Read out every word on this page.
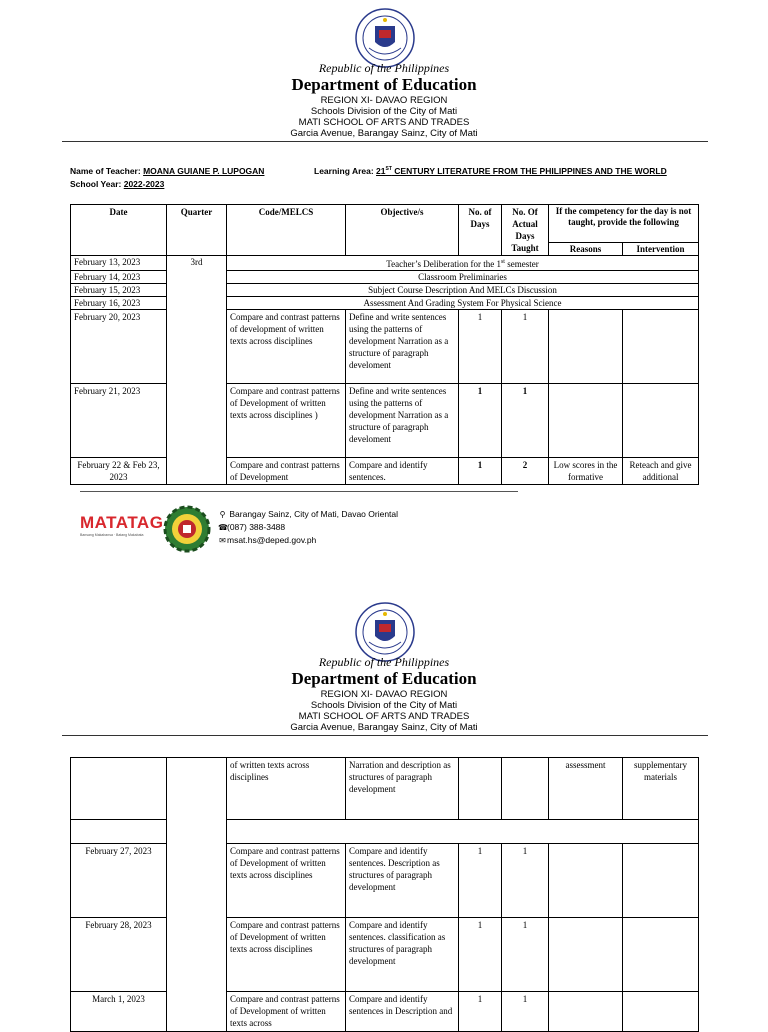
Republic of the Philippines
Department of Education
REGION XI- DAVAO REGION
Schools Division of the City of Mati
MATI SCHOOL OF ARTS AND TRADES
Garcia Avenue, Barangay Sainz, City of Mati
Name of Teacher: MOANA GUIANE P. LUPOGAN	Learning Area: 21ST CENTURY LITERATURE FROM THE PHILIPPINES AND THE WORLD
School Year: 2022-2023
Date	Quarter	Code/MELCS	Objective/s	No. of Days	No. Of Actual Days Taught	If the competency for the day is not taught, provide the following	
						Reasons	Intervention
February 13, 2023	3rd	Teacher’s Deliberation for the 1st semester					
February 14, 2023		Classroom Preliminaries					
February 15, 2023		Subject Course Description And MELCs Discussion					
February 16, 2023		Assessment And Grading System For Physical Science					
February 20, 2023		Compare and contrast patterns of development of written texts across disciplines	Define and write sentences using the patterns of development Narration as a structure of paragraph develoment	1	1		
February 21, 2023		Compare and contrast patterns of Development of written texts across disciplines )	Define and write sentences using the patterns of development Narration as a structure of paragraph develoment	1	1		
February 22 & Feb 23, 2023		Compare and contrast patterns of Development	Compare and identify sentences.	1	2	Low scores in the formative	Reteach and give additional
MATATAG
Bansang Makabansa · Batang Makabata
⚲ Barangay Sainz, City of Mati, Davao Oriental
☎(087) 388-3488
✉msat.hs@deped.gov.ph
Republic of the Philippines
Department of Education
REGION XI- DAVAO REGION
Schools Division of the City of Mati
MATI SCHOOL OF ARTS AND TRADES
Garcia Avenue, Barangay Sainz, City of Mati
		of written texts across disciplines	Narration and description as structures of paragraph development			assessment	supplementary materials

February 27, 2023		Compare and contrast patterns of Development of written texts across disciplines	Compare and identify sentences. Description as structures of paragraph development	1	1		
February 28, 2023		Compare and contrast patterns of Development of written texts across disciplines	Compare and identify sentences. classification as structures of paragraph development	1	1		
March 1, 2023		Compare and contrast patterns of Development of written texts across	Compare and identify sentences in Description and	1	1		
